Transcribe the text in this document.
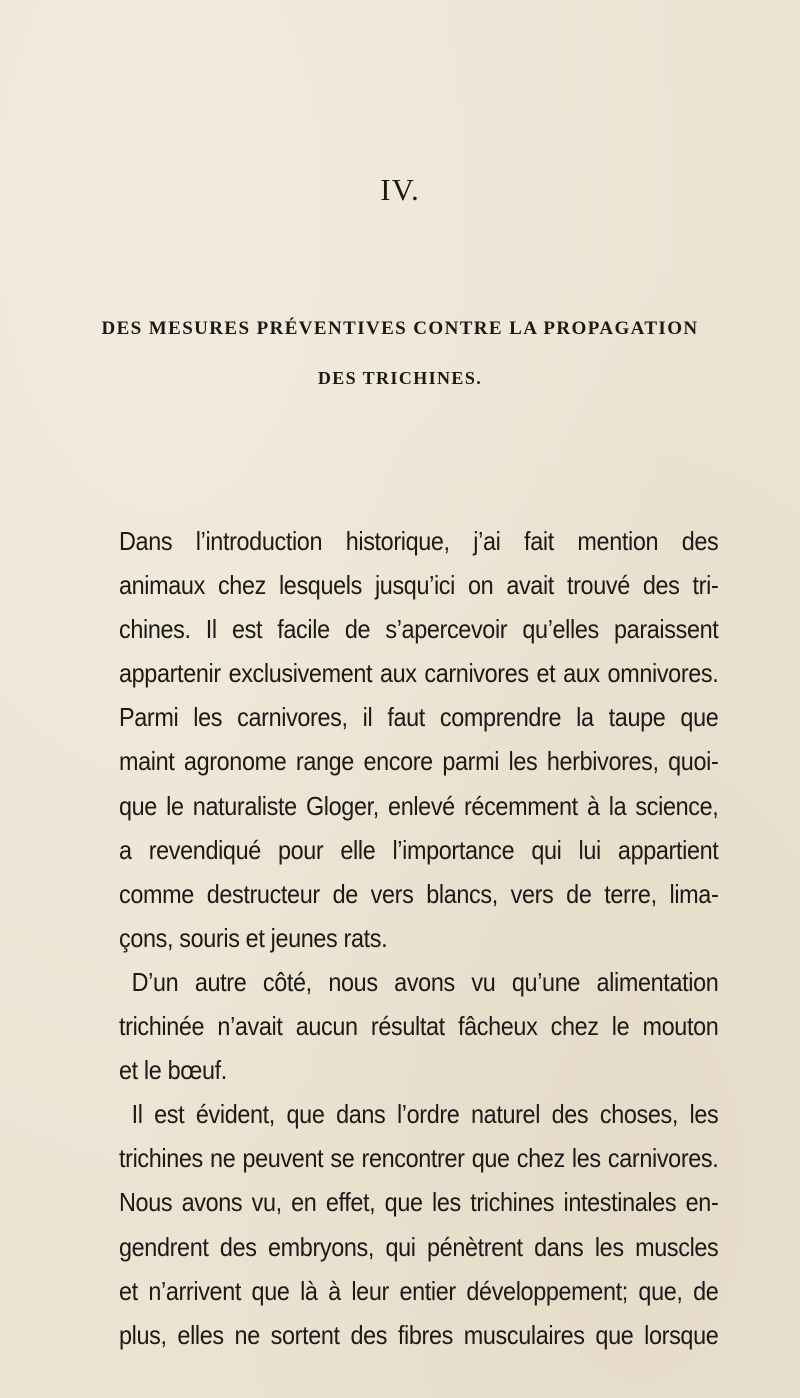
IV.
DES MESURES PRÉVENTIVES CONTRE LA PROPAGATION
DES TRICHINES.
Dans l’introduction historique, j’ai fait mention des
animaux chez lesquels jusqu’ici on avait trouvé des tri-
chines. Il est facile de s’apercevoir qu’elles paraissent
appartenir exclusivement aux carnivores et aux omnivores.
Parmi les carnivores, il faut comprendre la taupe que
maint agronome range encore parmi les herbivores, quoi-
que le naturaliste Gloger, enlevé récemment à la science,
a revendiqué pour elle l’importance qui lui appartient
comme destructeur de vers blancs, vers de terre, lima-
çons, souris et jeunes rats.
D’un autre côté, nous avons vu qu’une alimentation
trichinée n’avait aucun résultat fâcheux chez le mouton
et le bœuf.
Il est évident, que dans l’ordre naturel des choses, les
trichines ne peuvent se rencontrer que chez les carnivores.
Nous avons vu, en effet, que les trichines intestinales en-
gendrent des embryons, qui pénètrent dans les muscles
et n’arrivent que là à leur entier développement; que, de
plus, elles ne sortent des fibres musculaires que lorsque
